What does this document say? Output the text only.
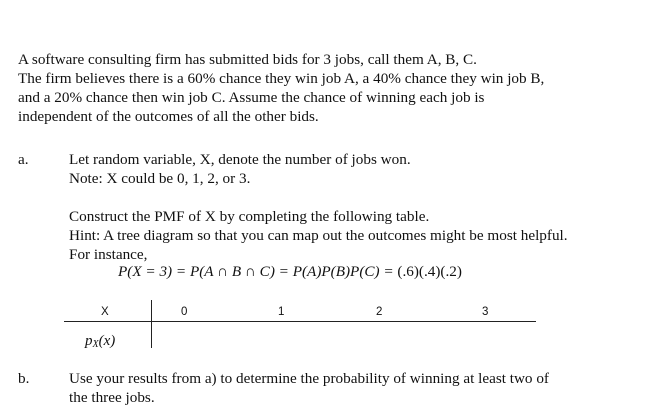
A software consulting firm has submitted bids for 3 jobs, call them A, B, C.
The firm believes there is a 60% chance they win job A, a 40% chance they win job B,
and a 20% chance then win job C. Assume the chance of winning each job is
independent of the outcomes of all the other bids.
a.	Let random variable, X, denote the number of jobs won.
Note: X could be 0, 1, 2, or 3.
Construct the PMF of X by completing the following table.
Hint: A tree diagram so that you can map out the outcomes might be most helpful.
For instance,
P(X = 3) = P(A ∩ B ∩ C) = P(A)P(B)P(C) = (.6)(.4)(.2)
X	0	1	2	3
$p_X(x)$
b.	Use your results from a) to determine the probability of winning at least two of
the three jobs.
